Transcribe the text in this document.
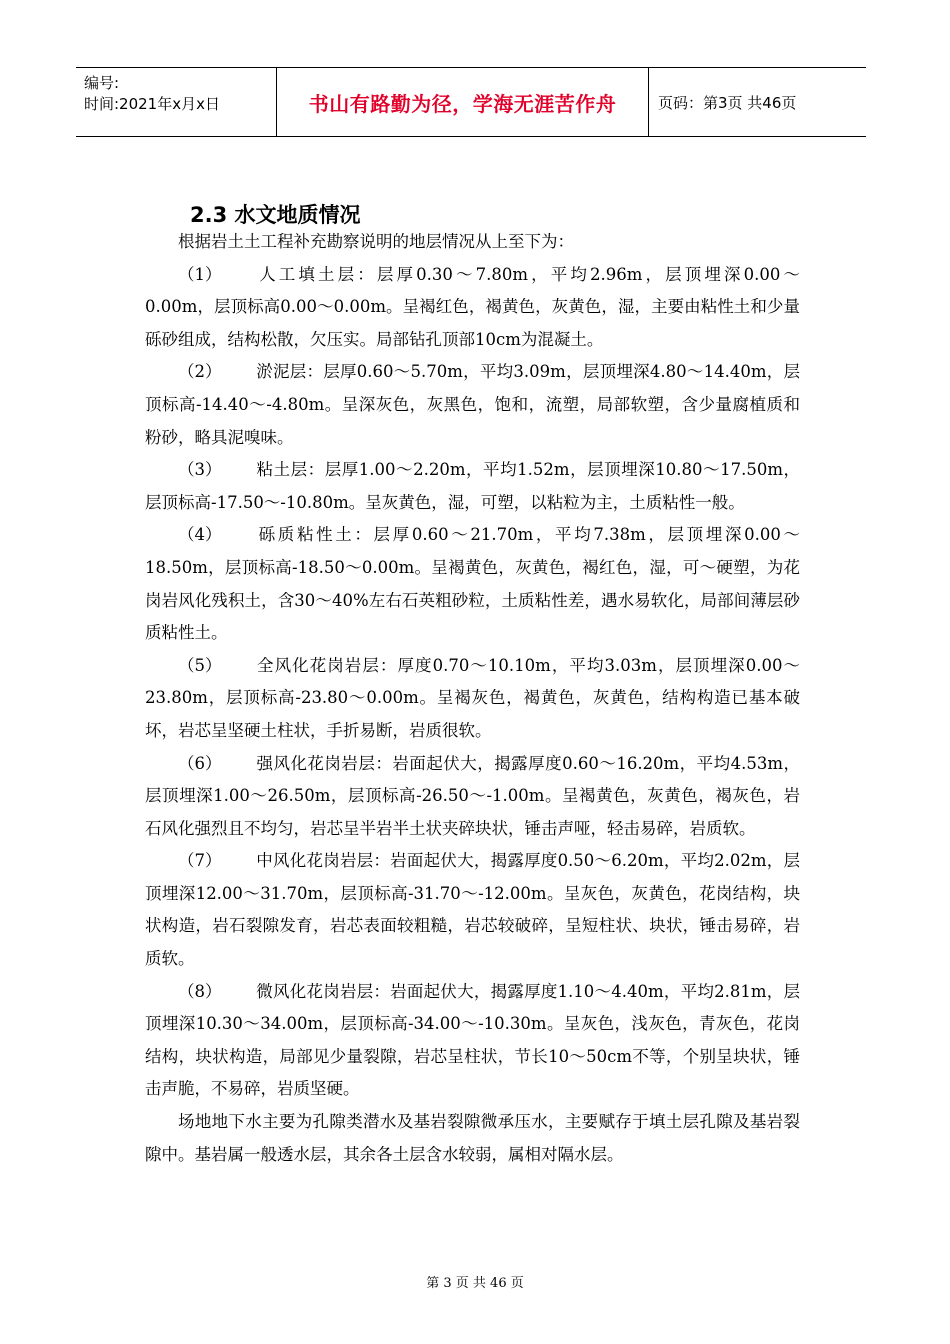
编号:
时间:2021年x月x日	书山有路勤为径，学海无涯苦作舟	页码：第3页 共46页
2.3 水文地质情况

根据岩土土工程补充勘察说明的地层情况从上至下为：

（1） 人工填土层：层厚0.30～7.80m，平均2.96m，层顶埋深0.00～0.00m，层顶标高0.00～0.00m。呈褐红色，褐黄色，灰黄色，湿，主要由粘性土和少量砾砂组成，结构松散，欠压实。局部钻孔顶部10cm为混凝土。

（2） 淤泥层：层厚0.60～5.70m，平均3.09m，层顶埋深4.80～14.40m，层顶标高-14.40～-4.80m。呈深灰色，灰黑色，饱和，流塑，局部软塑，含少量腐植质和粉砂，略具泥嗅味。

（3） 粘土层：层厚1.00～2.20m，平均1.52m，层顶埋深10.80～17.50m，层顶标高-17.50～-10.80m。呈灰黄色，湿，可塑，以粘粒为主，土质粘性一般。

（4） 砾质粘性土：层厚0.60～21.70m，平均7.38m，层顶埋深0.00～18.50m，层顶标高-18.50～0.00m。呈褐黄色，灰黄色，褐红色，湿，可～硬塑，为花岗岩风化残积土，含30～40%左右石英粗砂粒，土质粘性差，遇水易软化，局部间薄层砂质粘性土。

（5） 全风化花岗岩层：厚度0.70～10.10m，平均3.03m，层顶埋深0.00～23.80m，层顶标高-23.80～0.00m。呈褐灰色，褐黄色，灰黄色，结构构造已基本破坏，岩芯呈坚硬土柱状，手折易断，岩质很软。

（6） 强风化花岗岩层：岩面起伏大，揭露厚度0.60～16.20m，平均4.53m，层顶埋深1.00～26.50m，层顶标高-26.50～-1.00m。呈褐黄色，灰黄色，褐灰色，岩石风化强烈且不均匀，岩芯呈半岩半土状夹碎块状，锤击声哑，轻击易碎，岩质软。

（7） 中风化花岗岩层：岩面起伏大，揭露厚度0.50～6.20m，平均2.02m，层顶埋深12.00～31.70m，层顶标高-31.70～-12.00m。呈灰色，灰黄色，花岗结构，块状构造，岩石裂隙发育，岩芯表面较粗糙，岩芯较破碎，呈短柱状、块状，锤击易碎，岩质软。

（8） 微风化花岗岩层：岩面起伏大，揭露厚度1.10～4.40m，平均2.81m，层顶埋深10.30～34.00m，层顶标高-34.00～-10.30m。呈灰色，浅灰色，青灰色，花岗结构，块状构造，局部见少量裂隙，岩芯呈柱状，节长10～50cm不等，个别呈块状，锤击声脆，不易碎，岩质坚硬。

场地地下水主要为孔隙类潜水及基岩裂隙微承压水，主要赋存于填土层孔隙及基岩裂隙中。基岩属一般透水层，其余各土层含水较弱，属相对隔水层。

第 3 页 共 46 页
